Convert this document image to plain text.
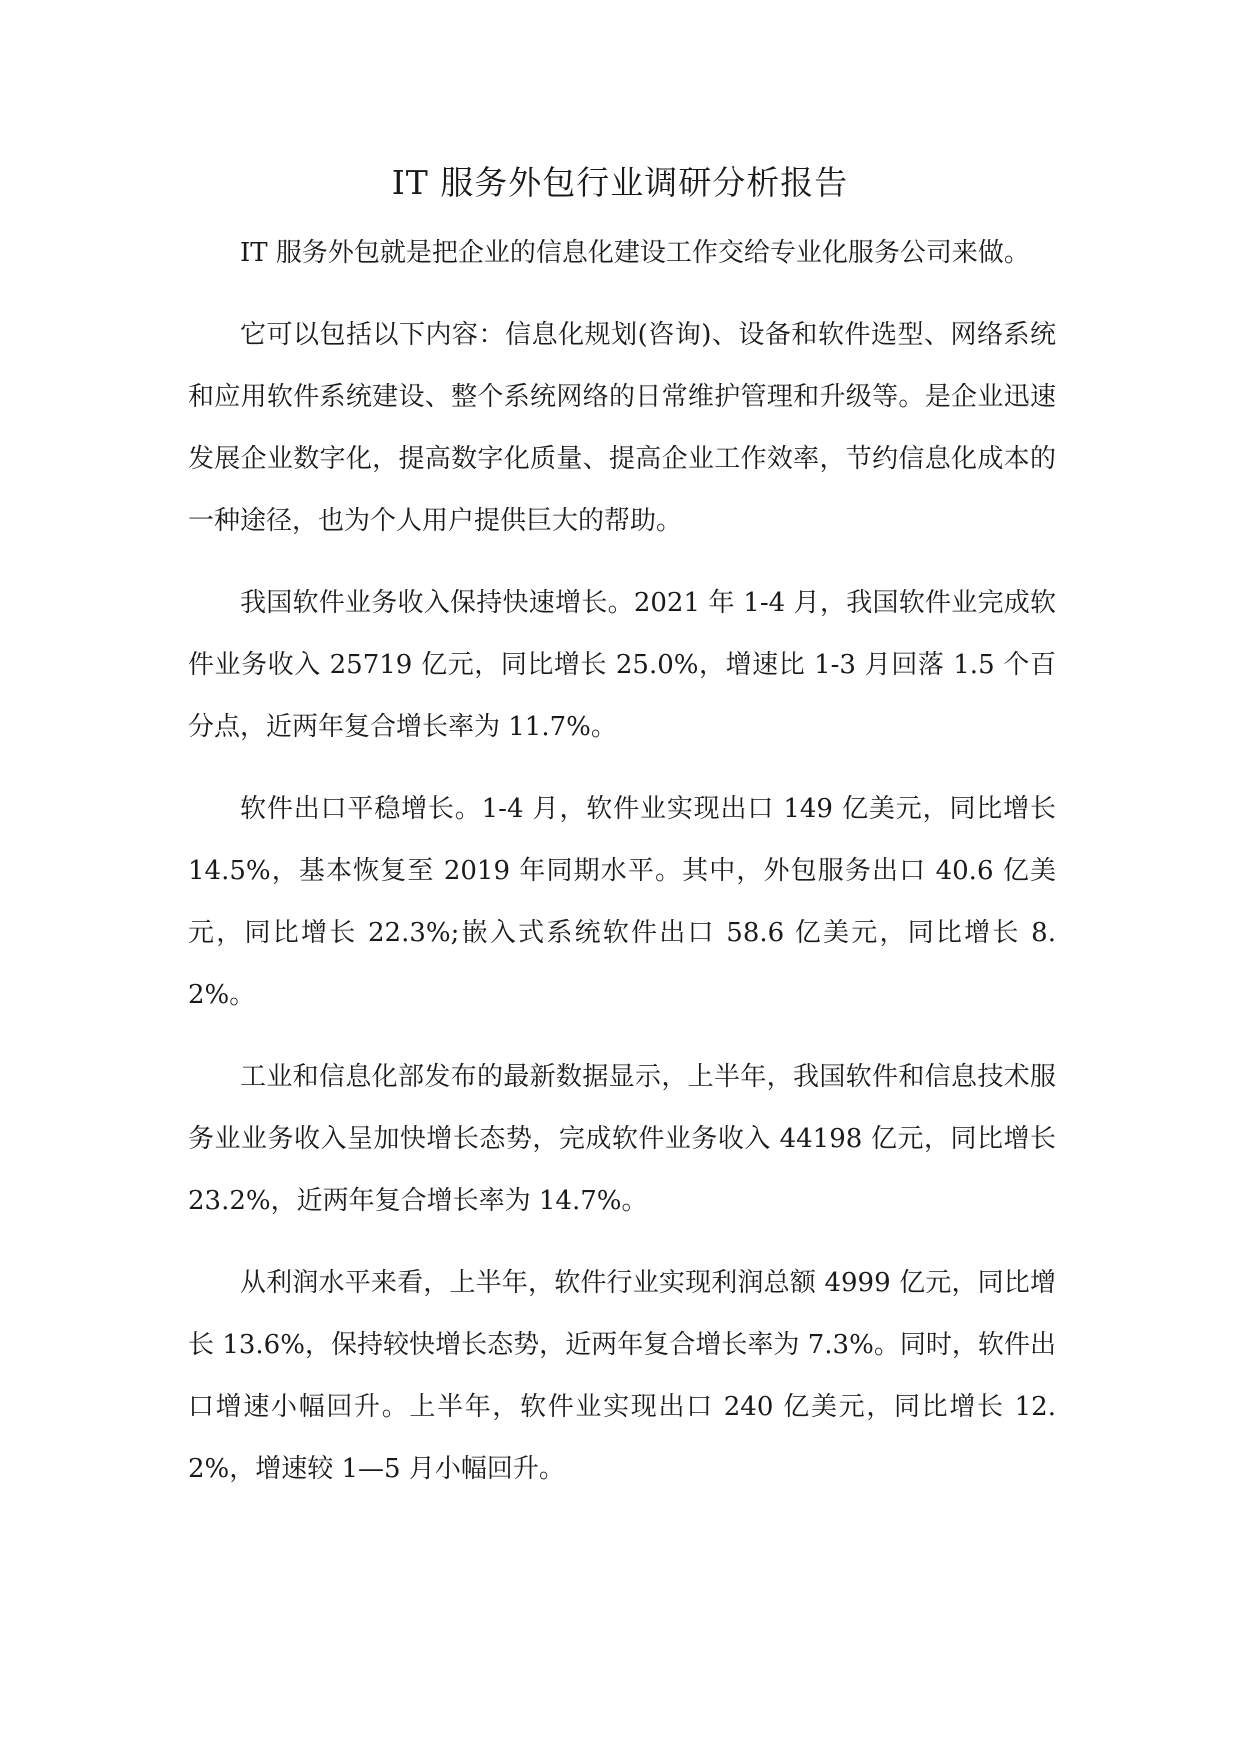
IT 服务外包行业调研分析报告

IT 服务外包就是把企业的信息化建设工作交给专业化服务公司来做。

它可以包括以下内容：信息化规划(咨询)、设备和软件选型、网络系统和应用软件系统建设、整个系统网络的日常维护管理和升级等。是企业迅速发展企业数字化，提高数字化质量、提高企业工作效率，节约信息化成本的一种途径，也为个人用户提供巨大的帮助。

我国软件业务收入保持快速增长。2021 年 1-4 月，我国软件业完成软件业务收入 25719 亿元，同比增长 25.0%，增速比 1-3 月回落 1.5 个百分点，近两年复合增长率为 11.7%。

软件出口平稳增长。1-4 月，软件业实现出口 149 亿美元，同比增长 14.5%，基本恢复至 2019 年同期水平。其中，外包服务出口 40.6 亿美元，同比增长 22.3%;嵌入式系统软件出口 58.6 亿美元，同比增长 8.2%。

工业和信息化部发布的最新数据显示，上半年，我国软件和信息技术服务业业务收入呈加快增长态势，完成软件业务收入 44198 亿元，同比增长 23.2%，近两年复合增长率为 14.7%。

从利润水平来看，上半年，软件行业实现利润总额 4999 亿元，同比增长 13.6%，保持较快增长态势，近两年复合增长率为 7.3%。同时，软件出口增速小幅回升。上半年，软件业实现出口 240 亿美元，同比增长 12.2%，增速较 1—5 月小幅回升。
